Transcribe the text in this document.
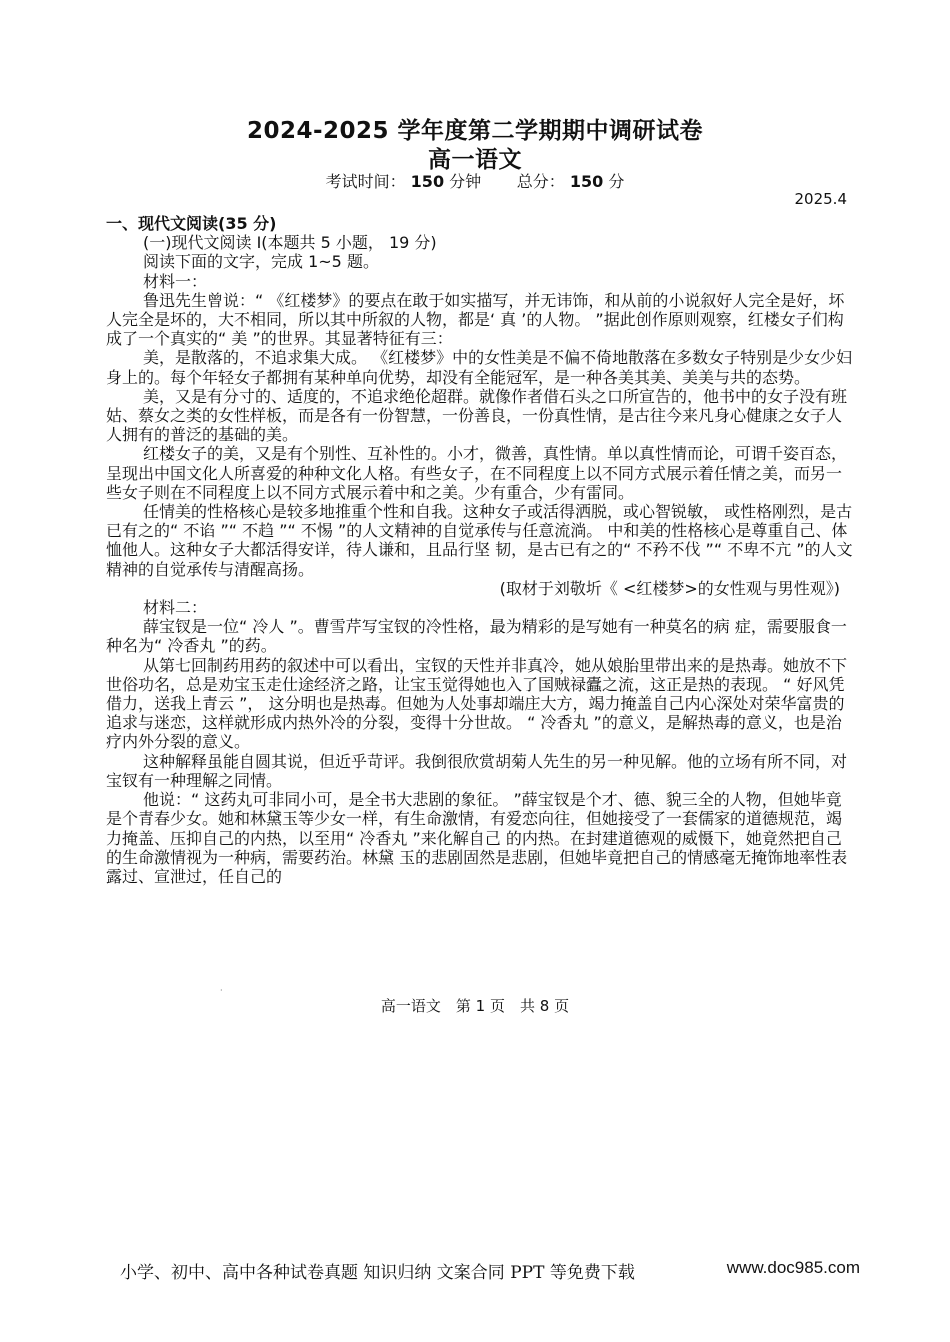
2024-2025 学年度第二学期期中调研试卷
高一语文
考试时间： 150 分钟 总分： 150 分
2025.4

一、现代文阅读(35 分)

(一)现代文阅读 I(本题共 5 小题， 19 分)

阅读下面的文字，完成 1~5 题。

材料一：

鲁迅先生曾说：“ 《红楼梦》的要点在敢于如实描写，并无讳饰，和从前的小说叙好人完全是好，坏人完全是坏的，大不相同，所以其中所叙的人物，都是‘ 真 ’的人物。 ”据此创作原则观察，红楼女子们构成了一个真实的“ 美 ”的世界。其显著特征有三：

美，是散落的，不追求集大成。 《红楼梦》中的女性美是不偏不倚地散落在多数女子特别是少女少妇身上的。每个年轻女子都拥有某种单向优势，却没有全能冠军，是一种各美其美、美美与共的态势。

美，又是有分寸的、适度的，不追求绝伦超群。就像作者借石头之口所宣告的，他书中的女子没有班姑、蔡女之类的女性样板，而是各有一份智慧，一份善良，一份真性情，是古往今来凡身心健康之女子人人拥有的普泛的基础的美。

红楼女子的美，又是有个别性、互补性的。小才，微善，真性情。单以真性情而论，可谓千姿百态，呈现出中国文化人所喜爱的种种文化人格。有些女子，在不同程度上以不同方式展示着任情之美，而另一些女子则在不同程度上以不同方式展示着中和之美。少有重合，少有雷同。

任情美的性格核心是较多地推重个性和自我。这种女子或活得洒脱，或心智锐敏， 或性格刚烈，是古已有之的“ 不谄 ”“ 不趋 ”“ 不惕 ”的人文精神的自觉承传与任意流淌。 中和美的性格核心是尊重自己、体恤他人。这种女子大都活得安详，待人谦和，且品行坚 韧，是古已有之的“ 不矜不伐 ”“ 不卑不亢 ”的人文精神的自觉承传与清醒高扬。

(取材于刘敬圻《 <红楼梦>的女性观与男性观》)

材料二：

薛宝钗是一位“ 冷人 ”。曹雪芹写宝钗的冷性格，最为精彩的是写她有一种莫名的病 症，需要服食一种名为“ 冷香丸 ”的药。

从第七回制药用药的叙述中可以看出，宝钗的天性并非真冷，她从娘胎里带出来的是热毒。她放不下世俗功名，总是劝宝玉走仕途经济之路，让宝玉觉得她也入了国贼禄蠹之流，这正是热的表现。 “ 好风凭借力，送我上青云 ”， 这分明也是热毒。但她为人处事却端庄大方，竭力掩盖自己内心深处对荣华富贵的追求与迷恋，这样就形成内热外冷的分裂，变得十分世故。 “ 冷香丸 ”的意义，是解热毒的意义，也是治疗内外分裂的意义。

这种解释虽能自圆其说，但近乎苛评。我倒很欣赏胡菊人先生的另一种见解。他的立场有所不同，对宝钗有一种理解之同情。

他说：“ 这药丸可非同小可，是全书大悲剧的象征。 ”薛宝钗是个才、德、貌三全的人物，但她毕竟是个青春少女。她和林黛玉等少女一样，有生命激情，有爱恋向往，但她接受了一套儒家的道德规范，竭力掩盖、压抑自己的内热，以至用“ 冷香丸 ”来化解自己 的内热。在封建道德观的威慑下，她竟然把自己的生命激情视为一种病，需要药治。林黛 玉的悲剧固然是悲剧，但她毕竟把自己的情感毫无掩饰地率性表露过、宣泄过，任自己的

·
高一语文　第 1 页　共 8 页
小学、初中、高中各种试卷真题 知识归纳 文案合同 PPT 等免费下载	www.doc985.com
